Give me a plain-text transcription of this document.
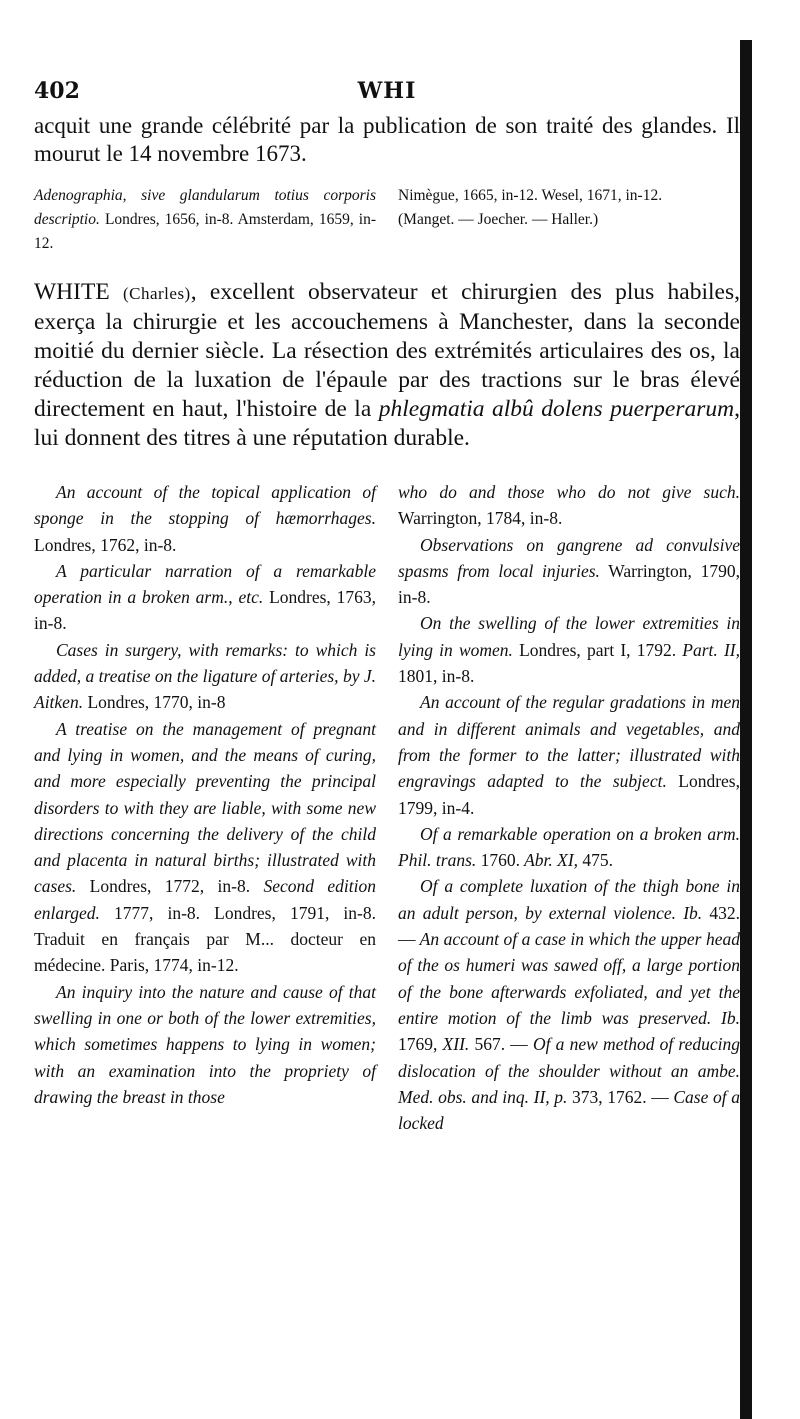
402	WHI

acquit une grande célébrité par la publication de son traité des glandes. Il mourut le 14 novembre 1673.

Adenographia, sive glandularum totius corporis descriptio. Londres, 1656, in-8. Amsterdam, 1659, in-12.

Nimègue, 1665, in-12. Wesel, 1671, in-12.

(Manget. — Joecher. — Haller.)

WHITE (Charles), excellent observateur et chirurgien des plus habiles, exerça la chirurgie et les accouchemens à Manchester, dans la seconde moitié du dernier siècle. La résection des extrémités articulaires des os, la réduction de la luxation de l'épaule par des tractions sur le bras élevé directement en haut, l'histoire de la phlegmatia albû dolens puerperarum, lui donnent des titres à une réputation durable.

An account of the topical application of sponge in the stopping of hæmorrhages. Londres, 1762, in-8.

A particular narration of a remarkable operation in a broken arm., etc. Londres, 1763, in-8.

Cases in surgery, with remarks: to which is added, a treatise on the ligature of arteries, by J. Aitken. Londres, 1770, in-8

A treatise on the management of pregnant and lying in women, and the means of curing, and more especially preventing the principal disorders to with they are liable, with some new directions concerning the delivery of the child and placenta in natural births; illustrated with cases. Londres, 1772, in-8. Second edition enlarged. 1777, in-8. Londres, 1791, in-8. Traduit en français par M... docteur en médecine. Paris, 1774, in-12.

An inquiry into the nature and cause of that swelling in one or both of the lower extremities, which sometimes happens to lying in women; with an examination into the propriety of drawing the breast in those

who do and those who do not give such. Warrington, 1784, in-8.

Observations on gangrene ad convulsive spasms from local injuries. Warrington, 1790, in-8.

On the swelling of the lower extremities in lying in women. Londres, part I, 1792. Part. II, 1801, in-8.

An account of the regular gradations in men and in different animals and vegetables, and from the former to the latter; illustrated with engravings adapted to the subject. Londres, 1799, in-4.

Of a remarkable operation on a broken arm. Phil. trans. 1760. Abr. XI, 475.

Of a complete luxation of the thigh bone in an adult person, by external violence. Ib. 432. — An account of a case in which the upper head of the os humeri was sawed off, a large portion of the bone afterwards exfoliated, and yet the entire motion of the limb was preserved. Ib. 1769, XII. 567. — Of a new method of reducing dislocation of the shoulder without an ambe. Med. obs. and inq. II, p. 373, 1762. — Case of a locked
